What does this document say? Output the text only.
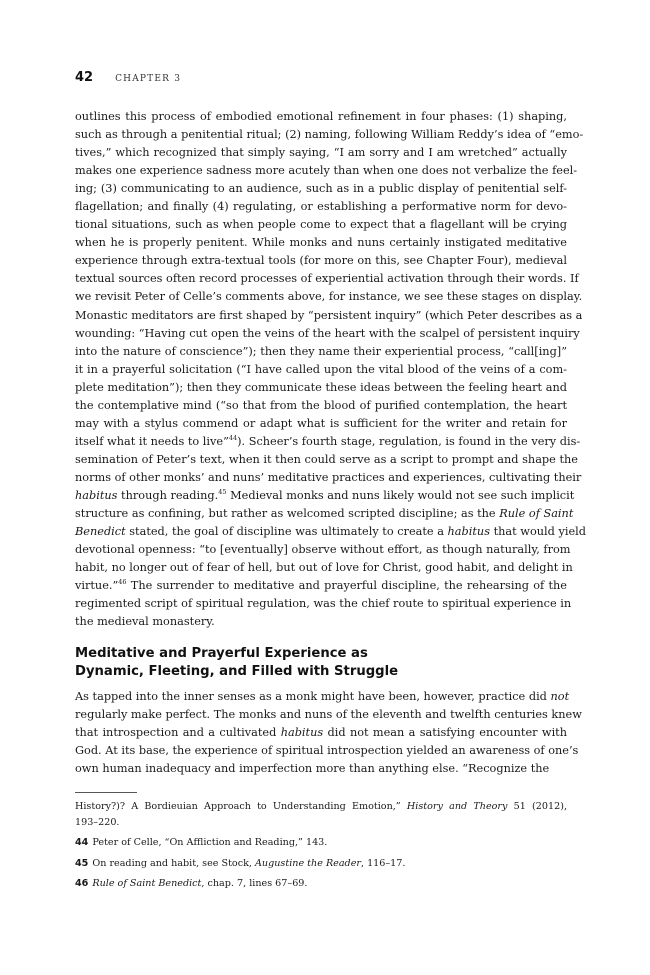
42 CHAPTER 3
outlines this process of embodied emotional refinement in four phases: (1) shaping,
such as through a penitential ritual; (2) naming, following William Reddy’s idea of “emo-
tives,” which recognized that simply saying, “I am sorry and I am wretched” actually
makes one experience sadness more acutely than when one does not verbalize the feel-
ing; (3) communicating to an audience, such as in a public display of penitential self-
flagellation; and finally (4) regulating, or establishing a performative norm for devo-
tional situations, such as when people come to expect that a flagellant will be crying
when he is properly penitent. While monks and nuns certainly instigated meditative
experience through extra-textual tools (for more on this, see Chapter Four), medieval
textual sources often record processes of experiential activation through their words. If
we revisit Peter of Celle’s comments above, for instance, we see these stages on display.
Monastic meditators are first shaped by “persistent inquiry” (which Peter describes as a
wounding: “Having cut open the veins of the heart with the scalpel of persistent inquiry
into the nature of conscience”); then they name their experiential process, “call[ing]”
it in a prayerful solicitation (“I have called upon the vital blood of the veins of a com-
plete meditation”); then they communicate these ideas between the feeling heart and
the contemplative mind (“so that from the blood of purified contemplation, the heart
may with a stylus commend or adapt what is sufficient for the writer and retain for
itself what it needs to live”$^{44}$). Scheer’s fourth stage, regulation, is found in the very dis-
semination of Peter’s text, when it then could serve as a script to prompt and shape the
norms of other monks’ and nuns’ meditative practices and experiences, cultivating their
habitus through reading.$^{45}$ Medieval monks and nuns likely would not see such implicit
structure as confining, but rather as welcomed scripted discipline; as the Rule of Saint
Benedict stated, the goal of discipline was ultimately to create a habitus that would yield
devotional openness: “to [eventually] observe without effort, as though naturally, from
habit, no longer out of fear of hell, but out of love for Christ, good habit, and delight in
virtue.”$^{46}$ The surrender to meditative and prayerful discipline, the rehearsing of the
regimented script of spiritual regulation, was the chief route to spiritual experience in
the medieval monastery.
Meditative and Prayerful Experience as
Dynamic, Fleeting, and Filled with Struggle
As tapped into the inner senses as a monk might have been, however, practice did not
regularly make perfect. The monks and nuns of the eleventh and twelfth centuries knew
that introspection and a cultivated habitus did not mean a satisfying encounter with
God. At its base, the experience of spiritual introspection yielded an awareness of one’s
own human inadequacy and imperfection more than anything else. “Recognize the
History?)? A Bordieuian Approach to Understanding Emotion,” History and Theory 51 (2012),
193–220.
44 Peter of Celle, “On Affliction and Reading,” 143.
45 On reading and habit, see Stock, Augustine the Reader, 116–17.
46 Rule of Saint Benedict, chap. 7, lines 67–69.
